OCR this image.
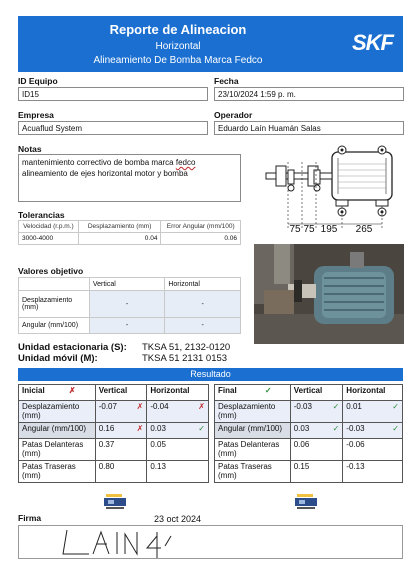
Reporte de Alineacion
Horizontal
Alineamiento De Bomba Marca Fedco
SKF
ID Equipo
ID15
Fecha
23/10/2024 1:59 p. m.
Empresa
Acuaflud System
Operador
Eduardo Laín Huamán Salas
Notas
mantenimiento correctivo de bomba marca fedco
alineamiento de ejes horizontal motor y bomba
75 75 195	265
Tolerancias
Velocidad (r.p.m.)	Desplazamiento (mm)	Error Angular (mm/100)
3000-4000	0.04	0.06
Valores objetivo
	Vertical	Horizontal
Desplazamiento (mm)	-	-
Angular (mm/100)	-	-
Unidad estacionaria (S): TKSA 51, 2132-0120
Unidad móvil (M):	TKSA 51 2131 0153
Resultado
Inicial ✗	Vertical	Horizontal
Desplazamiento (mm)	-0.07 ✗	-0.04 ✗

Angular (mm/100)	0.16 ✗	0.03 ✓

Patas Delanteras (mm)	0.37	0.05
Patas Traseras (mm)	0.80	0.13
Final ✓	Vertical	Horizontal
Desplazamiento (mm)	-0.03 ✓	0.01 ✓

Angular (mm/100)	0.03 ✓	-0.03 ✓

Patas Delanteras (mm)	0.06	-0.06
Patas Traseras (mm)	0.15	-0.13
Firma	23 oct 2024
